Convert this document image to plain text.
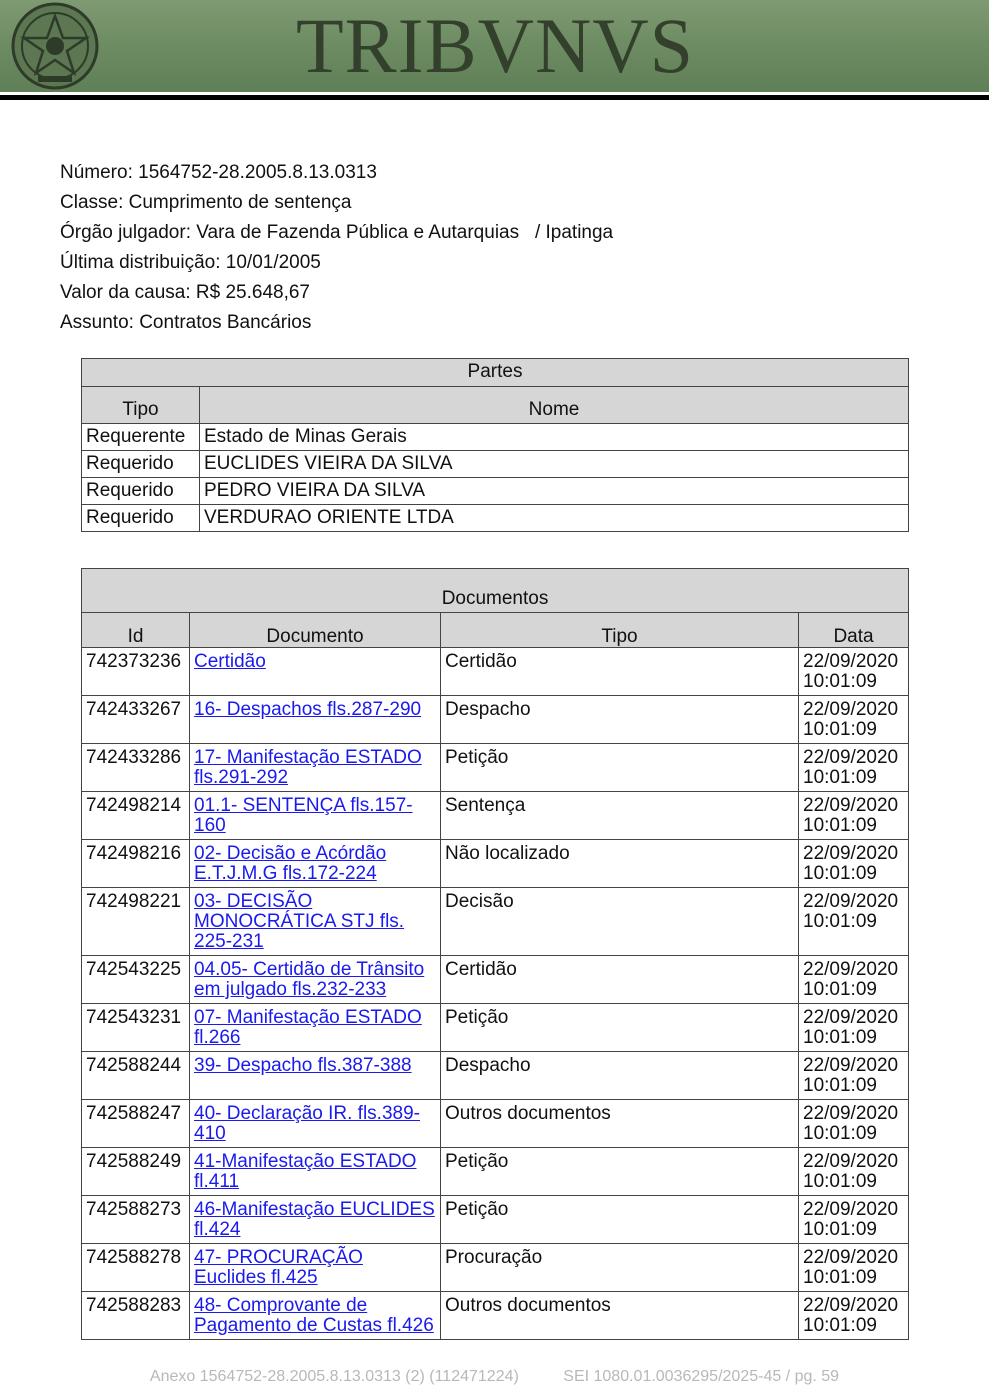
TRIBVNVS
Número: 1564752-28.2005.8.13.0313
Classe: Cumprimento de sentença
Órgão julgador: Vara de Fazenda Pública e Autarquias   / Ipatinga
Última distribuição: 10/01/2005
Valor da causa: R$ 25.648,67
Assunto: Contratos Bancários
Partes	
Tipo	Nome
Requerente	Estado de Minas Gerais
Requerido	EUCLIDES VIEIRA DA SILVA
Requerido	PEDRO VIEIRA DA SILVA
Requerido	VERDURAO ORIENTE LTDA
Documentos			
Id	Documento	Tipo	Data
742373236	Certidão	Certidão	22/09/2020 10:01:09
742433267	16- Despachos fls.287-290	Despacho	22/09/2020 10:01:09
742433286	17- Manifestação ESTADO fls.291-292	Petição	22/09/2020 10:01:09
742498214	01.1- SENTENÇA fls.157-160	Sentença	22/09/2020 10:01:09
742498216	02- Decisão e Acórdão E.T.J.M.G fls.172-224	Não localizado	22/09/2020 10:01:09
742498221	03- DECISÃO MONOCRÁTICA STJ fls. 225-231	Decisão	22/09/2020 10:01:09
742543225	04.05- Certidão de Trânsito em julgado fls.232-233	Certidão	22/09/2020 10:01:09
742543231	07- Manifestação ESTADO fl.266	Petição	22/09/2020 10:01:09
742588244	39- Despacho fls.387-388	Despacho	22/09/2020 10:01:09
742588247	40- Declaração IR. fls.389-410	Outros documentos	22/09/2020 10:01:09
742588249	41-Manifestação ESTADO fl.411	Petição	22/09/2020 10:01:09
742588273	46-Manifestação EUCLIDES fl.424	Petição	22/09/2020 10:01:09
742588278	47- PROCURAÇÃO Euclides fl.425	Procuração	22/09/2020 10:01:09
742588283	48- Comprovante de Pagamento de Custas fl.426	Outros documentos	22/09/2020 10:01:09
Anexo 1564752-28.2005.8.13.0313 (2) (112471224)	SEI 1080.01.0036295/2025-45 / pg. 59
